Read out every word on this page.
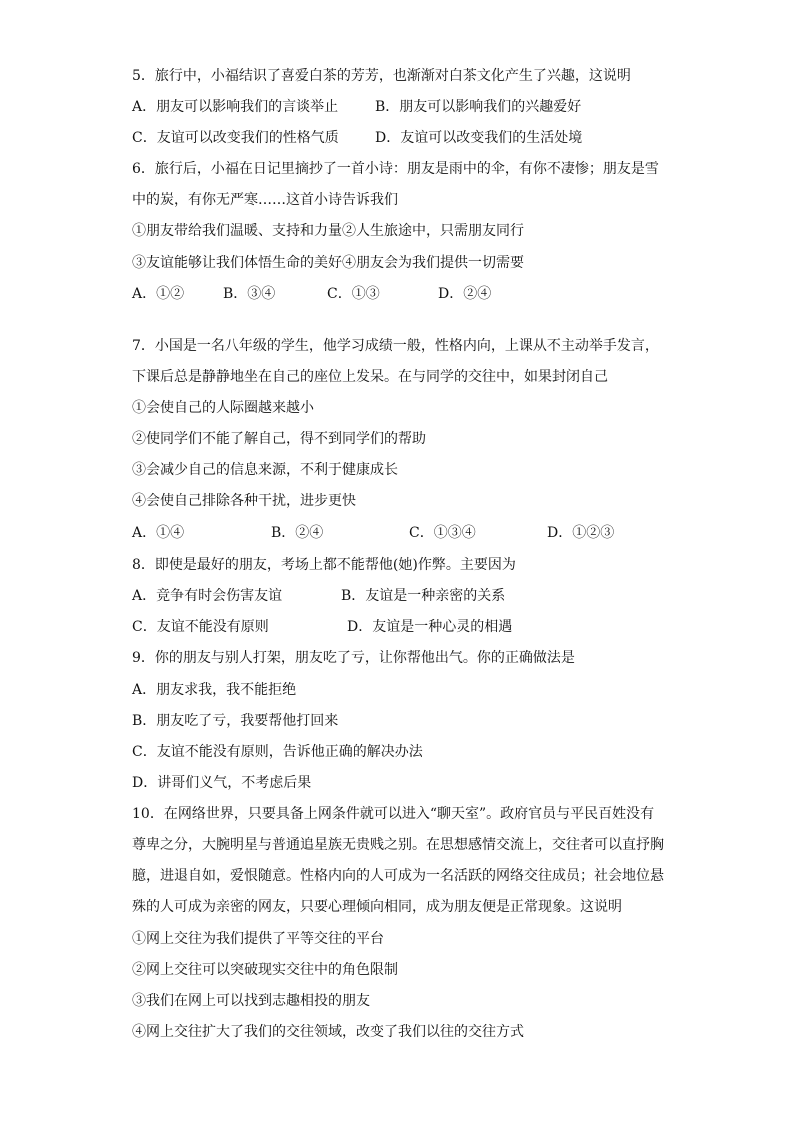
5．旅行中，小福结识了喜爱白茶的芳芳，也渐渐对白茶文化产生了兴趣，这说明
A．朋友可以影响我们的言谈举止	B．朋友可以影响我们的兴趣爱好
C．友谊可以改变我们的性格气质	D．友谊可以改变我们的生活处境
6．旅行后，小福在日记里摘抄了一首小诗：朋友是雨中的伞，有你不凄惨；朋友是雪
中的炭，有你无严寒……这首小诗告诉我们
①朋友带给我们温暖、支持和力量②人生旅途中，只需朋友同行
③友谊能够让我们体悟生命的美好④朋友会为我们提供一切需要
A．①②	B．③④	C．①③	D．②④
7．小国是一名八年级的学生，他学习成绩一般，性格内向，上课从不主动举手发言，
下课后总是静静地坐在自己的座位上发呆。在与同学的交往中，如果封闭自己
①会使自己的人际圈越来越小
②使同学们不能了解自己，得不到同学们的帮助
③会减少自己的信息来源，不利于健康成长
④会使自己排除各种干扰，进步更快
A．①④	B．②④	C．①③④	D．①②③
8．即使是最好的朋友，考场上都不能帮他(她)作弊。主要因为
A．竞争有时会伤害友谊	B．友谊是一种亲密的关系
C．友谊不能没有原则	D．友谊是一种心灵的相遇
9．你的朋友与别人打架，朋友吃了亏，让你帮他出气。你的正确做法是
A．朋友求我，我不能拒绝
B．朋友吃了亏，我要帮他打回来
C．友谊不能没有原则，告诉他正确的解决办法
D．讲哥们义气，不考虑后果
10．在网络世界，只要具备上网条件就可以进入“聊天室”。政府官员与平民百姓没有
尊卑之分，大腕明星与普通追星族无贵贱之别。在思想感情交流上，交往者可以直抒胸
臆，进退自如，爱恨随意。性格内向的人可成为一名活跃的网络交往成员；社会地位悬
殊的人可成为亲密的网友，只要心理倾向相同，成为朋友便是正常现象。这说明
①网上交往为我们提供了平等交往的平台
②网上交往可以突破现实交往中的角色限制
③我们在网上可以找到志趣相投的朋友
④网上交往扩大了我们的交往领域，改变了我们以往的交往方式
